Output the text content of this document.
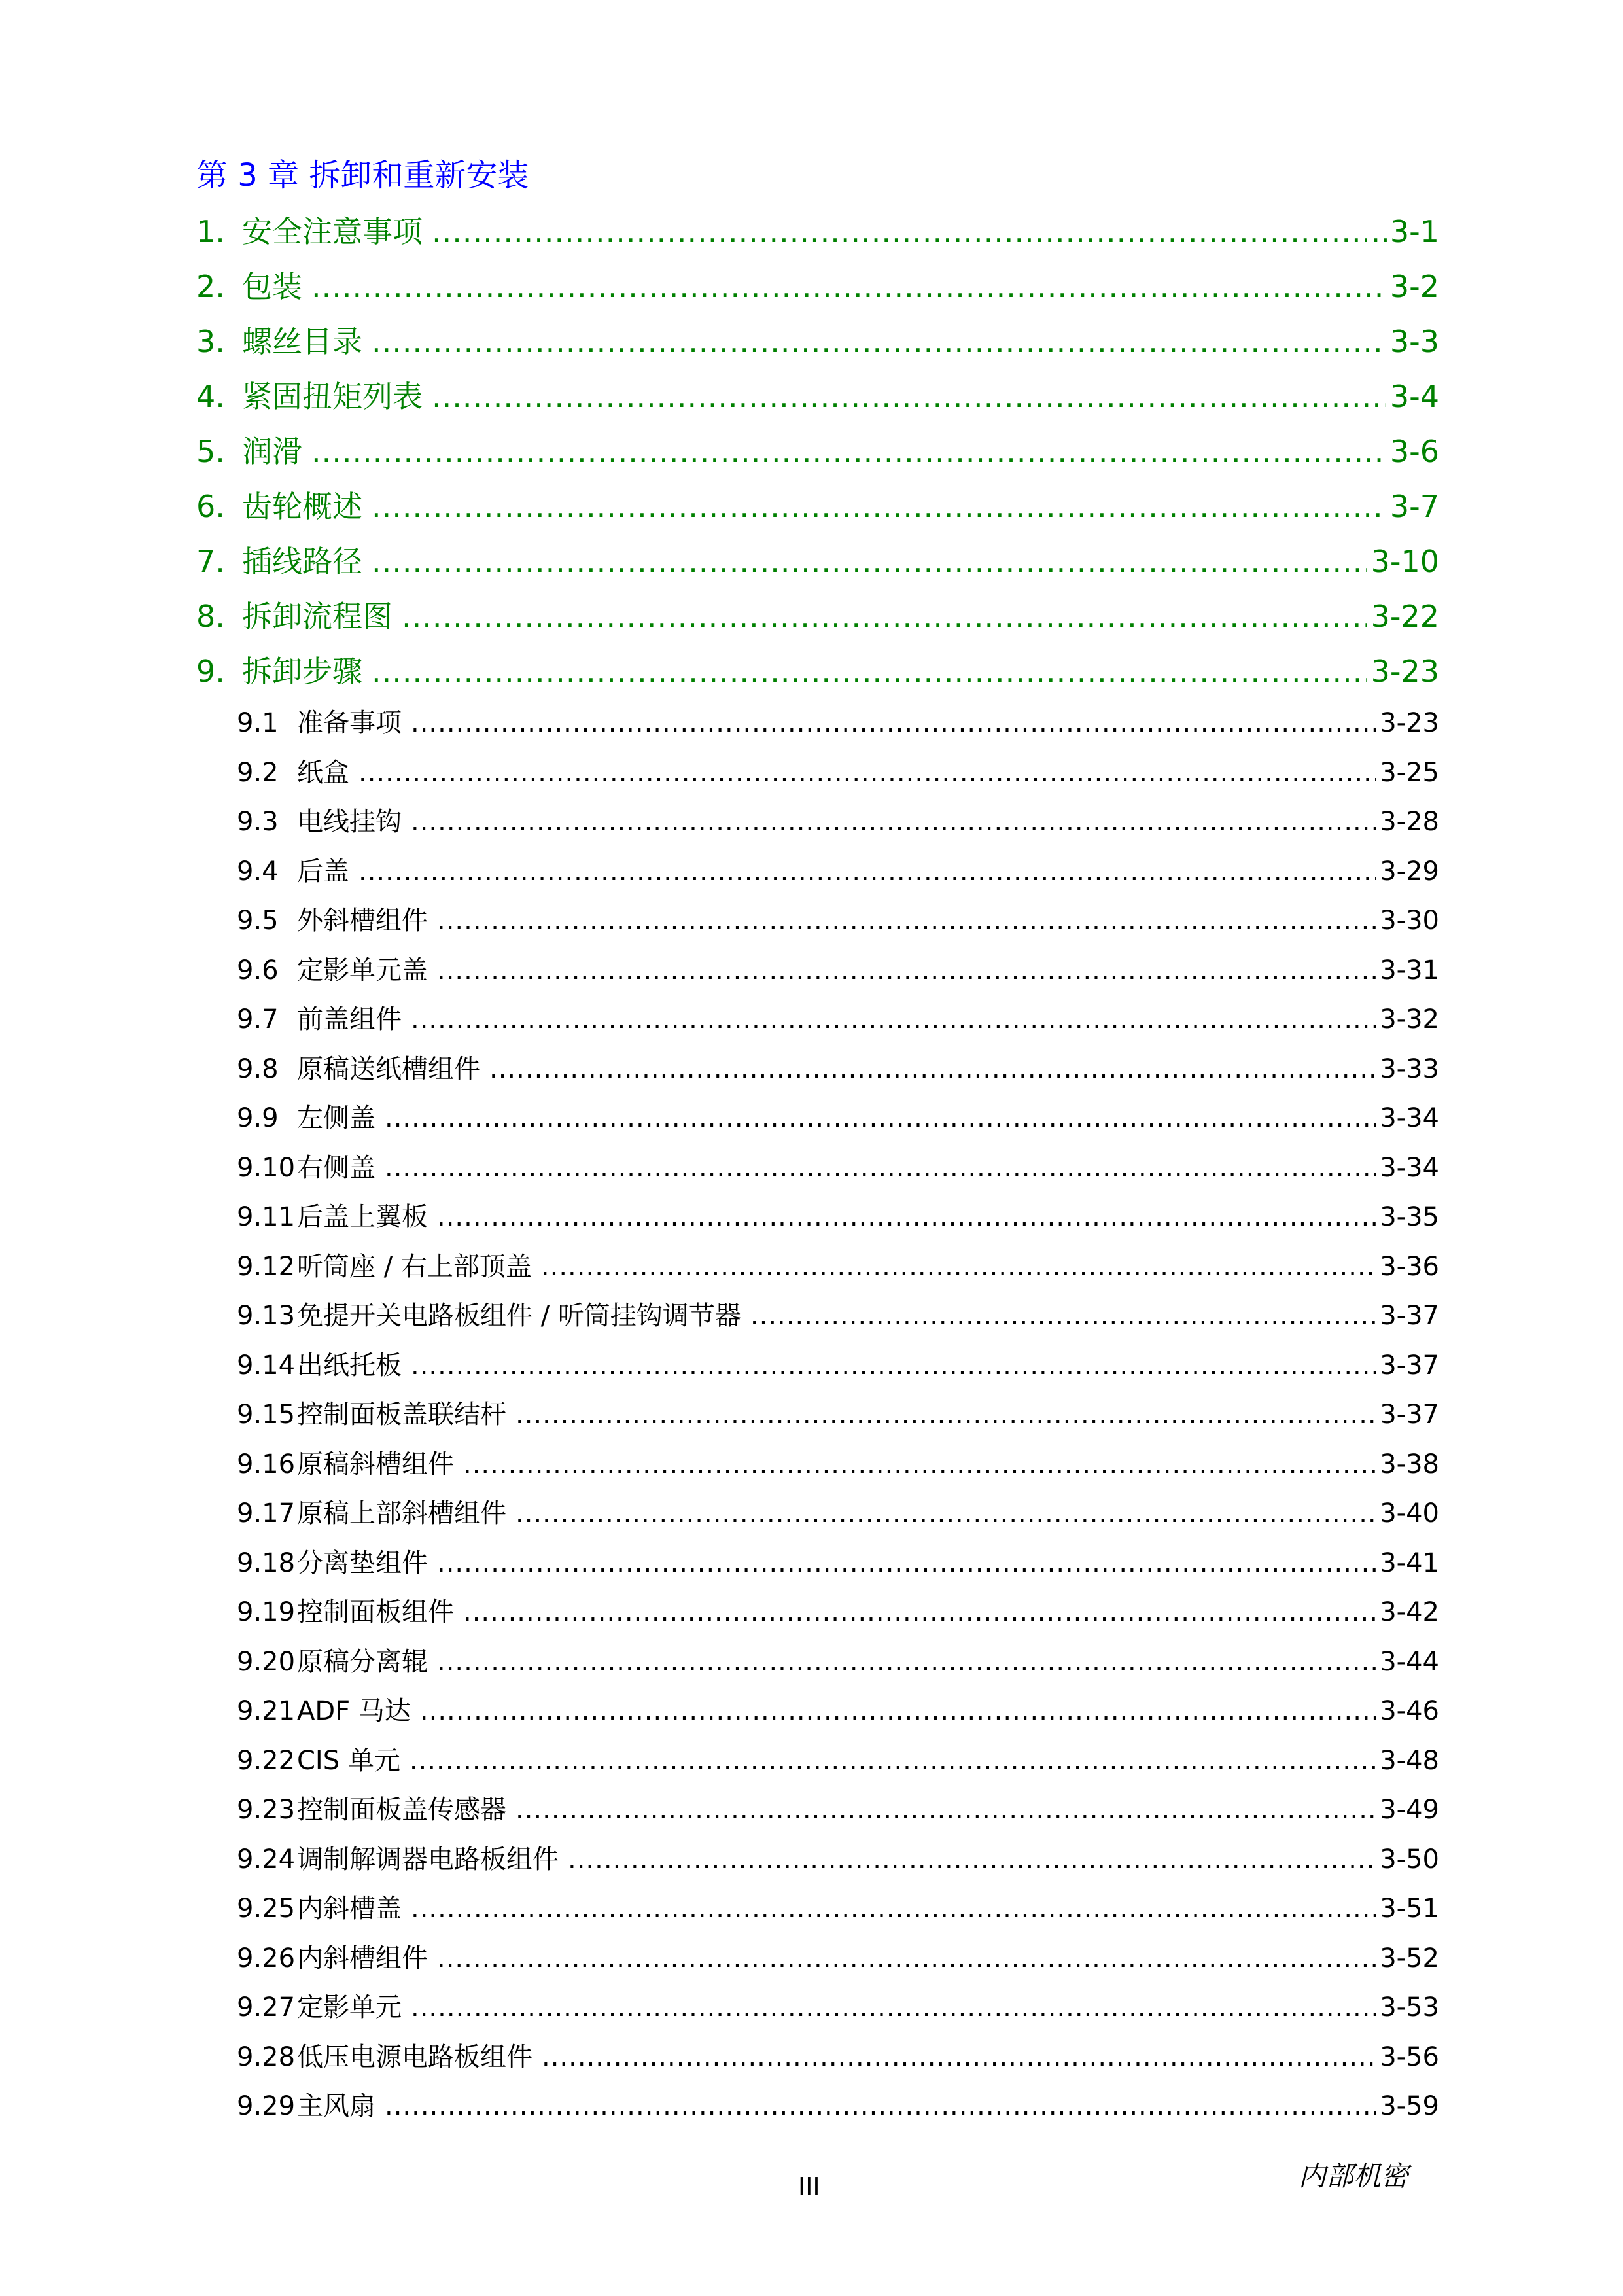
第 3 章 拆卸和重新安装
1. 安全注意事项 .....	..3-1
2. 包装 .....	3-2
3. 螺丝目录 .....	3-3
4. 紧固扭矩列表 .....	3-4
5. 润滑 .....	3-6
6. 齿轮概述 .....	3-7
7. 插线路径 .....	3-10
8. 拆卸流程图 .....	3-22
9. 拆卸步骤 .....	3-23
9.1 准备事项 .....	3-23
9.2 纸盒 .....	3-25
9.3 电线挂钩 .....	3-28
9.4 后盖 .....	3-29
9.5 外斜槽组件 .....	3-30
9.6 定影单元盖 .....	3-31
9.7 前盖组件 .....	3-32
9.8 原稿送纸槽组件 .....	3-33
9.9 左侧盖 .....	3-34
9.10 右侧盖 .....	3-34
9.11 后盖上翼板 .....	3-35
9.12 听筒座 / 右上部顶盖 .....	3-36
9.13 免提开关电路板组件 / 听筒挂钩调节器 .....	3-37
9.14 出纸托板 .....	3-37
9.15 控制面板盖联结杆 .....	3-37
9.16 原稿斜槽组件 .....	3-38
9.17 原稿上部斜槽组件 .....	3-40
9.18 分离垫组件 .....	3-41
9.19 控制面板组件 .....	3-42
9.20 原稿分离辊 .....	3-44
9.21 ADF 马达 .....	3-46
9.22 CIS 单元 .....	3-48
9.23 控制面板盖传感器 .....	3-49
9.24 调制解调器电路板组件 .....	3-50
9.25 内斜槽盖 .....	3-51
9.26 内斜槽组件 .....	3-52
9.27 定影单元 .....	3-53
9.28 低压电源电路板组件 .....	3-56
9.29 主风扇 .....	3-59
III	内部机密
